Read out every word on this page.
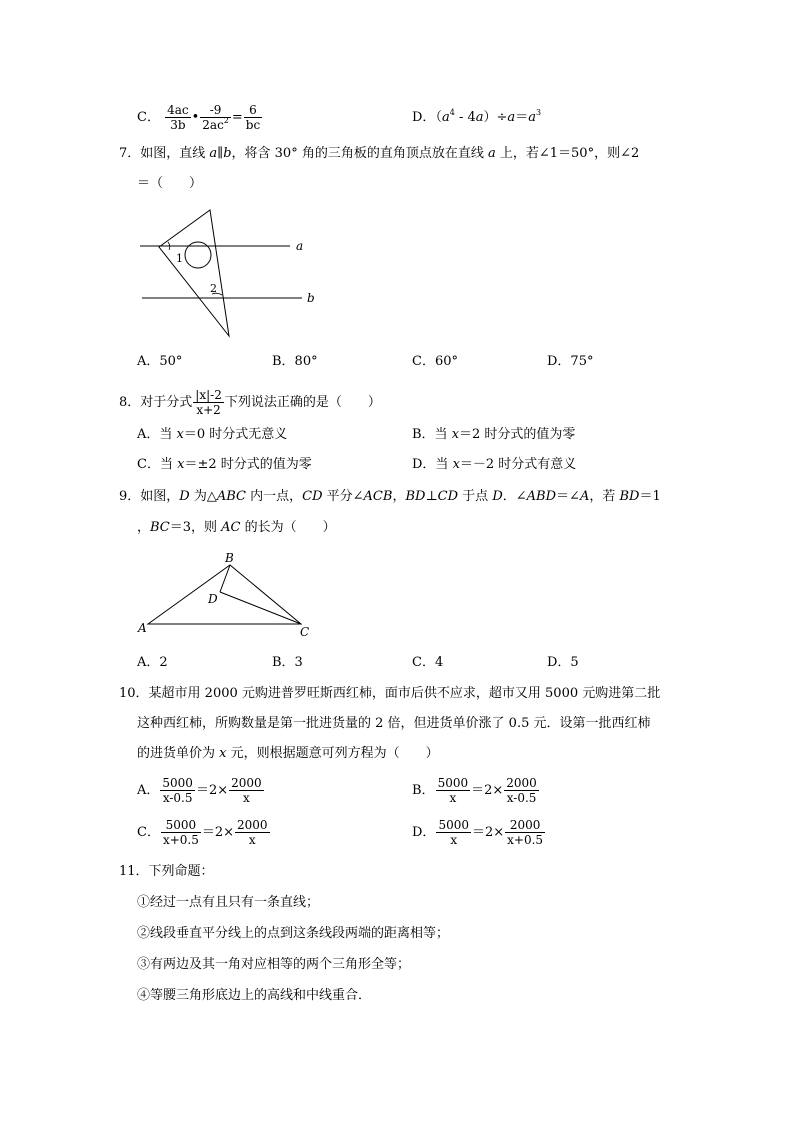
C． $\frac{4ac}{3b}$ • $\frac{-9}{2ac^2} = \frac{6}{bc}$	D．$(a^4 - 4a)\div a=a^3$
7．如图，直线 a∥b，将含 30° 角的三角板的直角顶点放在直线 a 上，若∠1＝50°，则∠2
＝（　　）
a
b
1
2
A．50°	B．80°	C．60°	D．75°
8．对于分式 $\frac{|x|-2}{x+2}$ 下列说法正确的是（　　）
A．当 x＝0 时分式无意义	B．当 x＝2 时分式的值为零
C．当 x＝±2 时分式的值为零	D．当 x＝－2 时分式有意义
9．如图，D 为△ABC 内一点，CD 平分∠ACB，BD⊥CD 于点 D．∠ABD＝∠A，若 BD＝1
，BC＝3，则 AC 的长为（　　）
A
B
C
D
A．2	B．3	C．4	D．5
10．某超市用 2000 元购进普罗旺斯西红柿，面市后供不应求，超市又用 5000 元购进第二批
这种西红柿，所购数量是第一批进货量的 2 倍，但进货单价涨了 0.5 元．设第一批西红柿
的进货单价为 x 元，则根据题意可列方程为（　　）
A． $\frac{5000}{x-0.5} =2\times \frac{2000}{x}$	B． $\frac{5000}{x} =2\times \frac{2000}{x-0.5}$
C． $\frac{5000}{x+0.5} =2\times \frac{2000}{x}$	D． $\frac{5000}{x} =2\times \frac{2000}{x+0.5}$
11．下列命题：
①经过一点有且只有一条直线；
②线段垂直平分线上的点到这条线段两端的距离相等；
③有两边及其一角对应相等的两个三角形全等；
④等腰三角形底边上的高线和中线重合．
